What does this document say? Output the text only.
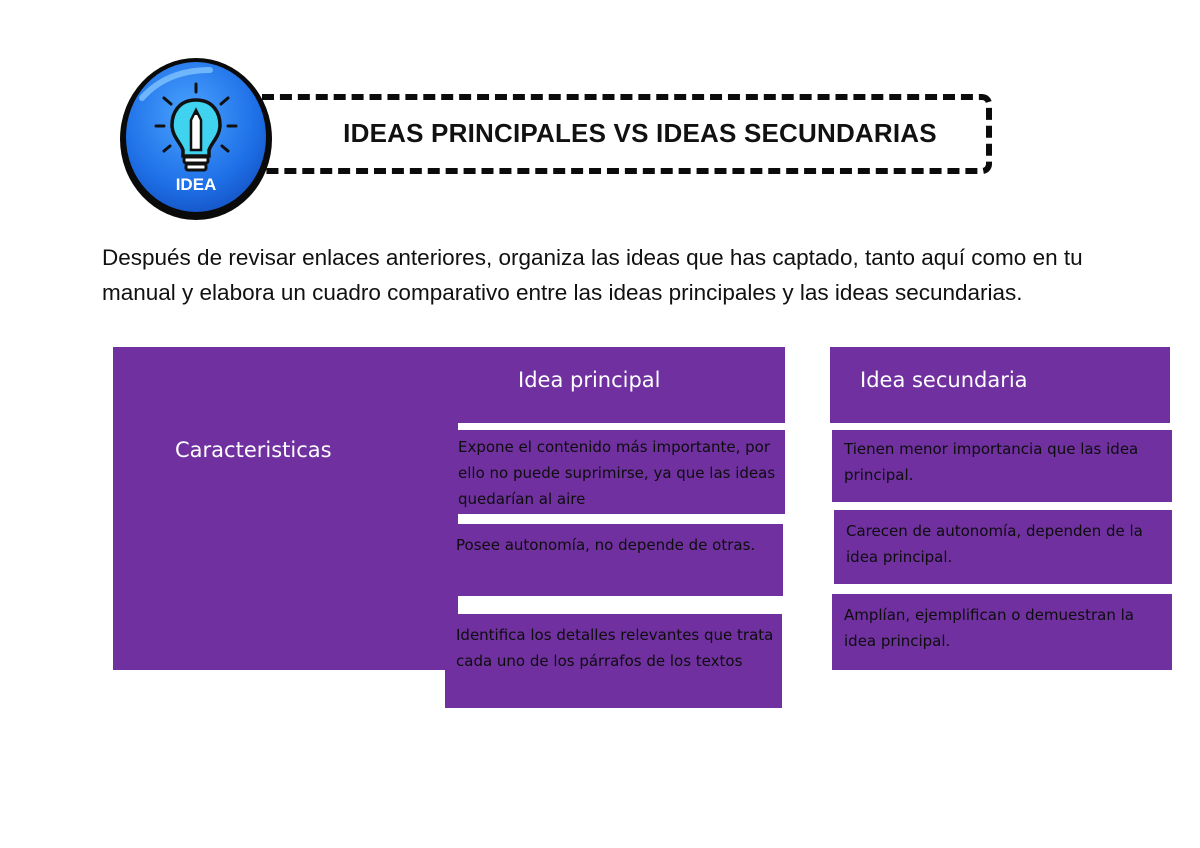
IDEA
IDEAS PRINCIPALES VS IDEAS SECUNDARIAS
Después de revisar enlaces anteriores, organiza las ideas que has captado, tanto aquí como en tu manual y elabora un cuadro comparativo entre las ideas principales y las ideas secundarias.
Caracteristicas
Idea principal	Idea secundaria
Expone el contenido más importante, por ello no puede suprimirse, ya que las ideas quedarían al aire
Posee autonomía, no depende de otras.
Identifica los detalles relevantes que trata cada uno de los párrafos de los textos
Tienen menor importancia que las idea principal.
Carecen de autonomía, dependen de la idea principal.
Amplían, ejemplifican o demuestran la idea principal.
